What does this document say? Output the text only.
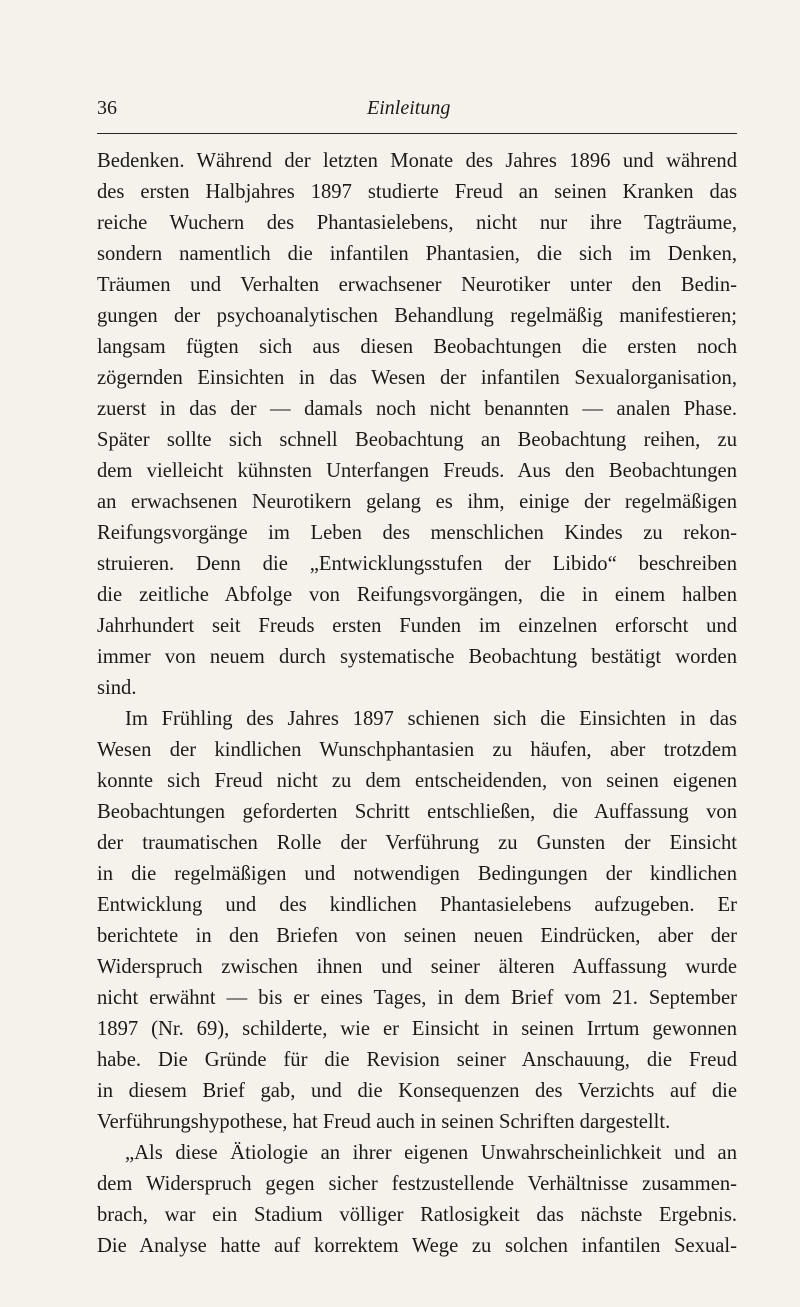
36	Einleitung

Bedenken. Während der letzten Monate des Jahres 1896 und während
des ersten Halbjahres 1897 studierte Freud an seinen Kranken das
reiche Wuchern des Phantasielebens, nicht nur ihre Tagträume,
sondern namentlich die infantilen Phantasien, die sich im Denken,
Träumen und Verhalten erwachsener Neurotiker unter den Bedin-
gungen der psychoanalytischen Behandlung regelmäßig manifestieren;
langsam fügten sich aus diesen Beobachtungen die ersten noch
zögernden Einsichten in das Wesen der infantilen Sexualorganisation,
zuerst in das der — damals noch nicht benannten — analen Phase.
Später sollte sich schnell Beobachtung an Beobachtung reihen, zu
dem vielleicht kühnsten Unterfangen Freuds. Aus den Beobachtungen
an erwachsenen Neurotikern gelang es ihm, einige der regelmäßigen
Reifungsvorgänge im Leben des menschlichen Kindes zu rekon-
struieren. Denn die „Entwicklungsstufen der Libido“ beschreiben
die zeitliche Abfolge von Reifungsvorgängen, die in einem halben
Jahrhundert seit Freuds ersten Funden im einzelnen erforscht und
immer von neuem durch systematische Beobachtung bestätigt worden
sind.

Im Frühling des Jahres 1897 schienen sich die Einsichten in das
Wesen der kindlichen Wunschphantasien zu häufen, aber trotzdem
konnte sich Freud nicht zu dem entscheidenden, von seinen eigenen
Beobachtungen geforderten Schritt entschließen, die Auffassung von
der traumatischen Rolle der Verführung zu Gunsten der Einsicht
in die regelmäßigen und notwendigen Bedingungen der kindlichen
Entwicklung und des kindlichen Phantasielebens aufzugeben. Er
berichtete in den Briefen von seinen neuen Eindrücken, aber der
Widerspruch zwischen ihnen und seiner älteren Auffassung wurde
nicht erwähnt — bis er eines Tages, in dem Brief vom 21. September
1897 (Nr. 69), schilderte, wie er Einsicht in seinen Irrtum gewonnen
habe. Die Gründe für die Revision seiner Anschauung, die Freud
in diesem Brief gab, und die Konsequenzen des Verzichts auf die
Verführungshypothese, hat Freud auch in seinen Schriften dargestellt.

„Als diese Ätiologie an ihrer eigenen Unwahrscheinlichkeit und an
dem Widerspruch gegen sicher festzustellende Verhältnisse zusammen-
brach, war ein Stadium völliger Ratlosigkeit das nächste Ergebnis.
Die Analyse hatte auf korrektem Wege zu solchen infantilen Sexual-
